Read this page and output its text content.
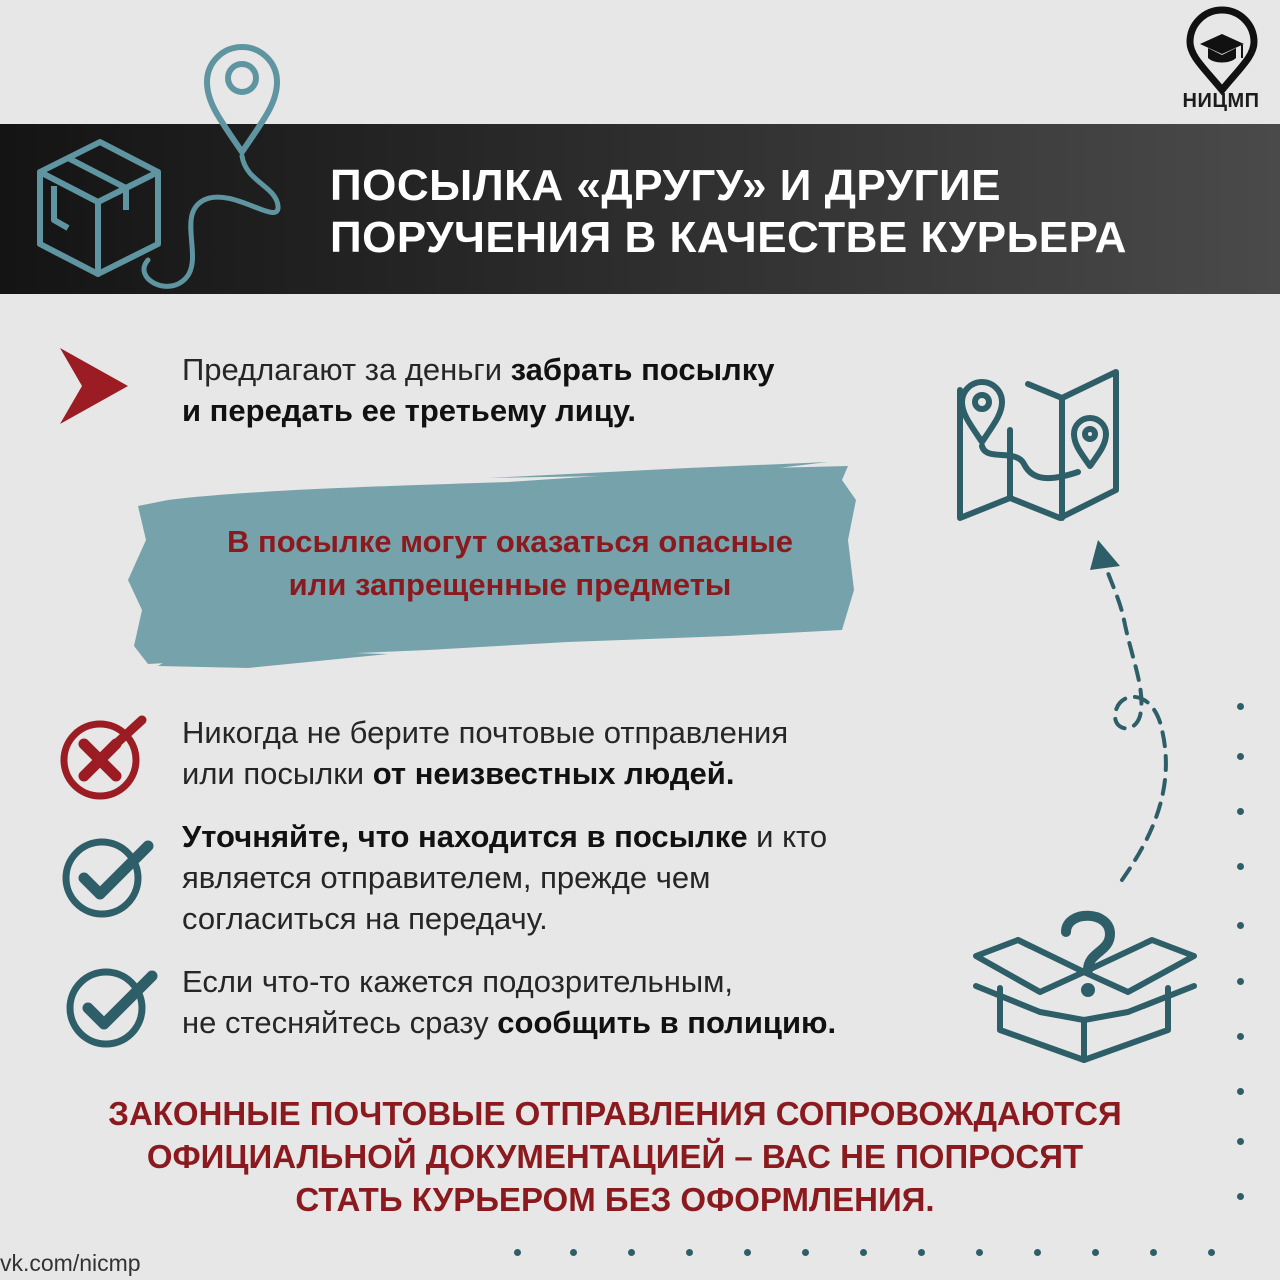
НИЦМП
ПОСЫЛКА «ДРУГУ» И ДРУГИЕ
ПОРУЧЕНИЯ В КАЧЕСТВЕ КУРЬЕРА
Предлагают за деньги забрать посылку
и передать ее третьему лицу.
В посылке могут оказаться опасные
или запрещенные предметы
Никогда не берите почтовые отправления
или посылки от неизвестных людей.
Уточняйте, что находится в посылке и кто
является отправителем, прежде чем
согласиться на передачу.
Если что-то кажется подозрительным,
не стесняйтесь сразу сообщить в полицию.
ЗАКОННЫЕ ПОЧТОВЫЕ ОТПРАВЛЕНИЯ СОПРОВОЖДАЮТСЯ
ОФИЦИАЛЬНОЙ ДОКУМЕНТАЦИЕЙ – ВАС НЕ ПОПРОСЯТ
СТАТЬ КУРЬЕРОМ БЕЗ ОФОРМЛЕНИЯ.
vk.com/nicmp
